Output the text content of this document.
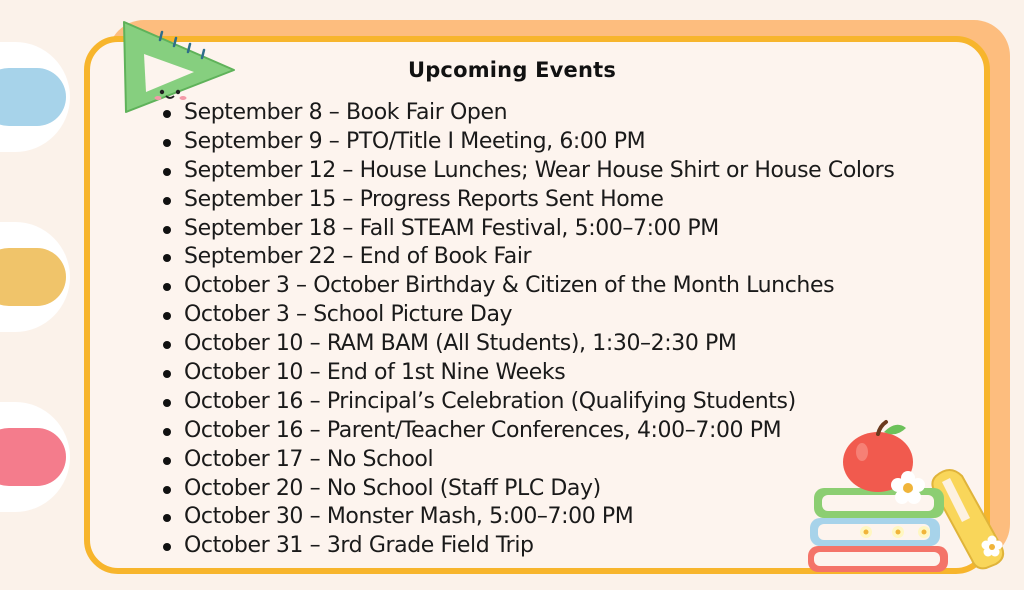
Upcoming Events
September 8 – Book Fair Open
September 9 – PTO/Title I Meeting, 6:00 PM
September 12 – House Lunches; Wear House Shirt or House Colors
September 15 – Progress Reports Sent Home
September 18 – Fall STEAM Festival, 5:00–7:00 PM
September 22 – End of Book Fair
October 3 – October Birthday & Citizen of the Month Lunches
October 3 – School Picture Day
October 10 – RAM BAM (All Students), 1:30–2:30 PM
October 10 – End of 1st Nine Weeks
October 16 – Principal’s Celebration (Qualifying Students)
October 16 – Parent/Teacher Conferences, 4:00–7:00 PM
October 17 – No School
October 20 – No School (Staff PLC Day)
October 30 – Monster Mash, 5:00–7:00 PM
October 31 – 3rd Grade Field Trip
